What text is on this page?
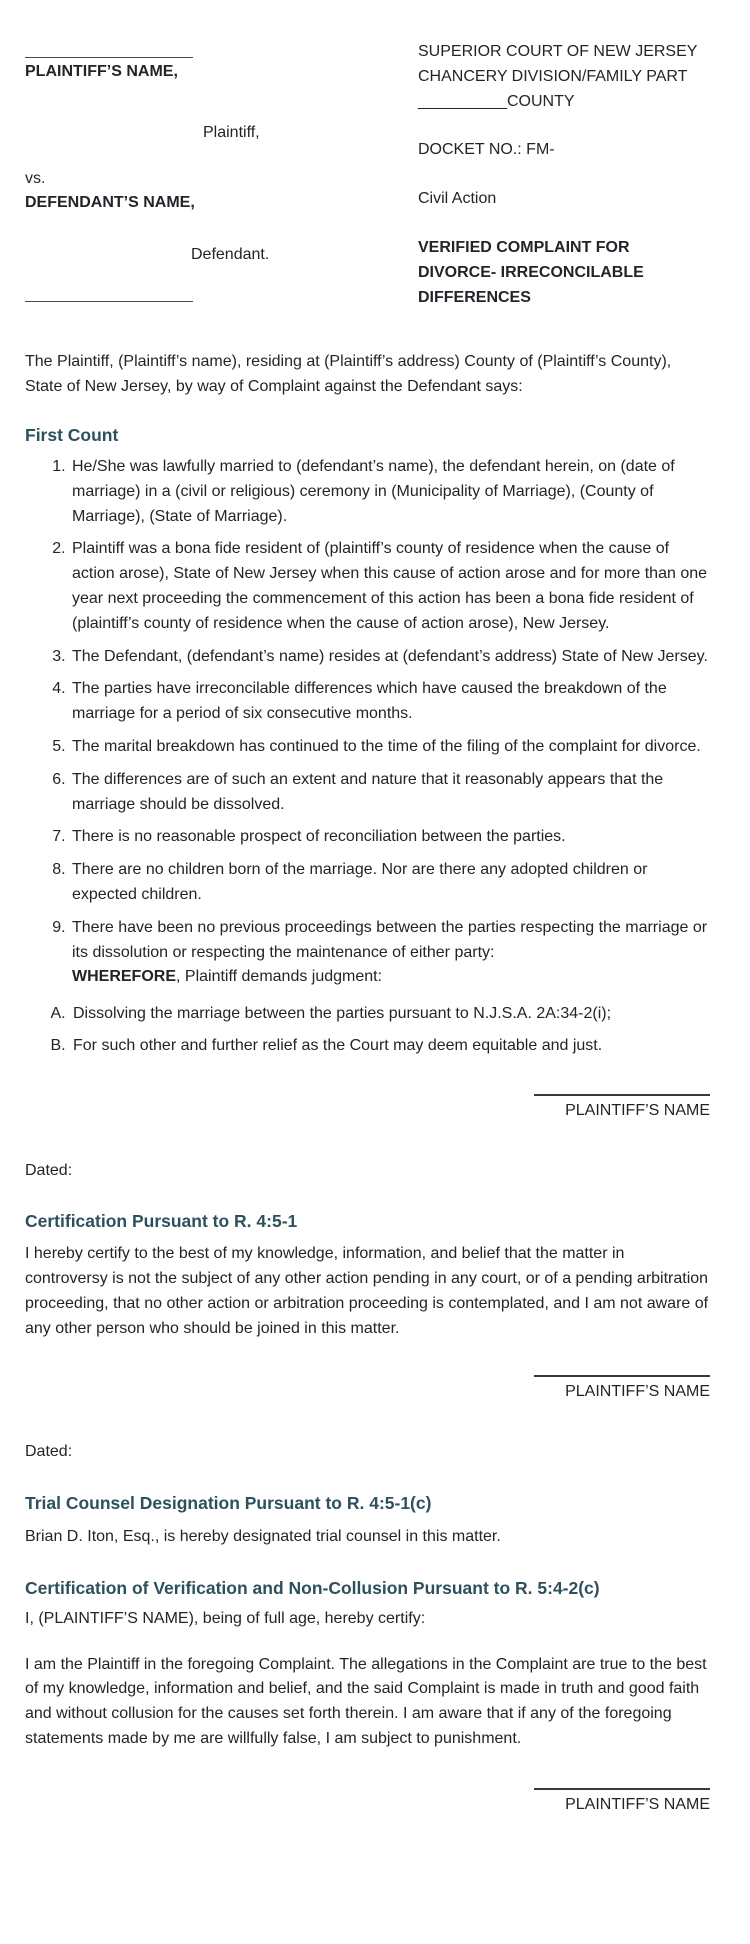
PLAINTIFF’S NAME,

Plaintiff,

vs.

DEFENDANT’S NAME,

Defendant.

SUPERIOR COURT OF NEW JERSEY

CHANCERY DIVISION/FAMILY PART

__________COUNTY

DOCKET NO.: FM-

Civil Action

VERIFIED COMPLAINT FOR DIVORCE- IRRECONCILABLE DIFFERENCES

The Plaintiff, (Plaintiff’s name), residing at (Plaintiff’s address) County of (Plaintiff’s County), State of New Jersey, by way of Complaint against the Defendant says:

First Count
1. He/She was lawfully married to (defendant’s name), the defendant herein, on (date of marriage) in a (civil or religious) ceremony in (Municipality of Marriage), (County of Marriage), (State of Marriage).
2. Plaintiff was a bona fide resident of (plaintiff’s county of residence when the cause of action arose), State of New Jersey when this cause of action arose and for more than one year next proceeding the commencement of this action has been a bona fide resident of (plaintiff’s county of residence when the cause of action arose), New Jersey.
3. The Defendant, (defendant’s name) resides at (defendant’s address) State of New Jersey.
4. The parties have irreconcilable differences which have caused the breakdown of the marriage for a period of six consecutive months.
5. The marital breakdown has continued to the time of the filing of the complaint for divorce.
6. The differences are of such an extent and nature that it reasonably appears that the marriage should be dissolved.
7. There is no reasonable prospect of reconciliation between the parties.
8. There are no children born of the marriage. Nor are there any adopted children or expected children.
9. There have been no previous proceedings between the parties respecting the marriage or its dissolution or respecting the maintenance of either party:
WHEREFORE, Plaintiff demands judgment:
A. Dissolving the marriage between the parties pursuant to N.J.S.A. 2A:34-2(i);
B. For such other and further relief as the Court may deem equitable and just.
PLAINTIFF’S NAME

Dated:

Certification Pursuant to R. 4:5-1

I hereby certify to the best of my knowledge, information, and belief that the matter in controversy is not the subject of any other action pending in any court, or of a pending arbitration proceeding, that no other action or arbitration proceeding is contemplated, and I am not aware of any other person who should be joined in this matter.

PLAINTIFF’S NAME

Dated:

Trial Counsel Designation Pursuant to R. 4:5-1(c)

Brian D. Iton, Esq., is hereby designated trial counsel in this matter.

Certification of Verification and Non-Collusion Pursuant to R. 5:4-2(c)

I, (PLAINTIFF’S NAME), being of full age, hereby certify:

I am the Plaintiff in the foregoing Complaint. The allegations in the Complaint are true to the best of my knowledge, information and belief, and the said Complaint is made in truth and good faith and without collusion for the causes set forth therein. I am aware that if any of the foregoing statements made by me are willfully false, I am subject to punishment.

PLAINTIFF’S NAME
